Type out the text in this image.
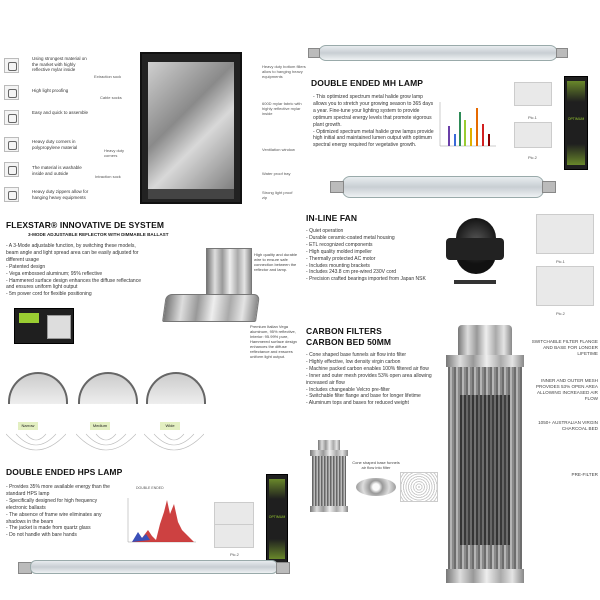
Using strongest material on the market with highly reflective mylar inside
High light proofing
Easy and quick to assemble
Heavy duty corners in polypropylene material
The material is washable inside and outside
Heavy duty zippers allow for hanging heavy equipments
Extraction sock
Cable socks
Heavy duty corners
Intraction sock
Heavy duty bottom fillers allow to hanging heavy equipments
600D mylar fabric with highly reflective mylar inside
Ventilation window
Water proof tray
Strong light proof zip
DOUBLE ENDED MH LAMP
- This optimized spectrum metal halide grow lamp allows you to stretch your growing season to 365 days a year. Fine-tune your lighting system to provide optimum spectral energy levels that promote vigorous plant growth.
- Optimized spectrum metal halide grow lamps provide high initial and maintained lumen output with optimum spectral energy required for vegetative growth.
Pic.1
Pic.2
OPTIMUM
FLEXSTAR® INNOVATIVE DE SYSTEM
3-MODE ADJUSTABLE REFLECTOR WITH DIMMABLE BALLAST
- A 3-Mode adjustable function, by switching these models, beam angle and light spread area can be easily adjusted for different usage
- Patented design
- Vega embossed aluminum; 95% reflective
- Hammered surface design enhances the diffuse reflectance and ensures uniform light output
- 5m power cord for flexible positioning
High quality and durable wire to ensure safe connection between the reflector and lamp.
Premium Italian Vega aluminum, 95% reflective, Interior: 95.99% pure, Hammered surface design enhances the diffuse reflectance and ensures uniform light output.
Narrow	Medium	Wide
IN-LINE FAN
- Quiet operation
- Durable ceramic-coated metal housing
- ETL recognized components
- High quality molded impeller
- Thermally protected AC motor
- Includes mounting brackets
- Includes 243.8 cm pre-wired 230V cord
- Precision crafted bearings imported from Japan NSK
Pic.1
Pic.2
CARBON FILTERS
CARBON BED 50MM
- Cone shaped base funnels air flow into filter
- Highly effective, low density virgin carbon
- Machine packed carbon enables 100% filtered air flow
- Inner and outer mesh provides 53% open area allowing increased air flow
- Includes changeable Velcro pre-filter
- Switchable filter flange and base for longer lifetime
- Aluminum tops and bases for reduced weight
SWITCHABLE FILTER FLANGE AND BASE FOR LONGER LIFETIME
INNER AND OUTER MESH PROVIDES 53% OPEN AREA ALLOWING INCREASED AIR FLOW
1050+ AUSTRALIAN VIRGIN CHARCOAL BED
PRE-FILTER
Cone shaped base funnels air flow into filter
DOUBLE ENDED HPS LAMP
- Provides 35% more available energy than the standard HPS lamp
- Specifically designed for high frequency electronic ballasts
- The absence of frame wire eliminates any shadows in the beam
- The jacket is made from quartz glass
- Do not handle with bare hands
DOUBLE ENDED
Pic.2
OPTIMUM
